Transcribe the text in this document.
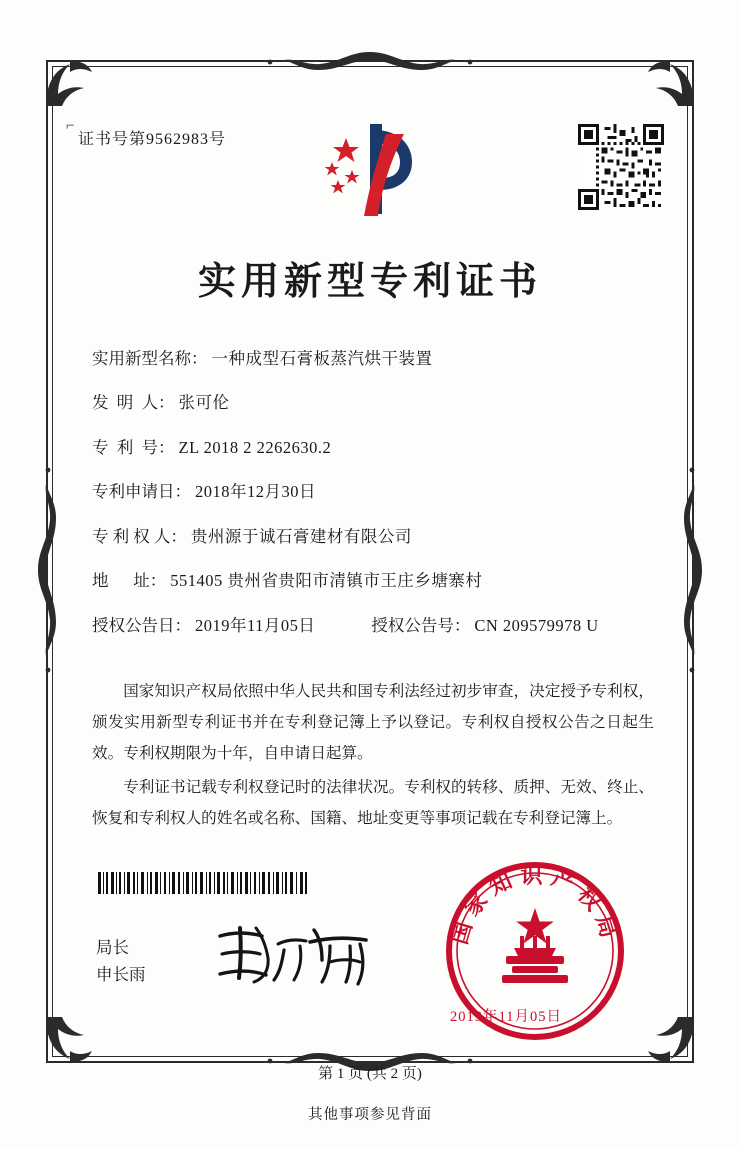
⌐
证书号第9562983号
实用新型专利证书
实用新型名称： 一种成型石膏板蒸汽烘干装置
发  明  人： 张可伦
专  利  号： ZL 2018 2 2262630.2
专利申请日： 2018年12月30日
专 利 权 人： 贵州源于诚石膏建材有限公司
地      址： 551405 贵州省贵阳市清镇市王庄乡塘寨村
授权公告日： 2019年11月05日	授权公告号： CN 209579978 U

国家知识产权局依照中华人民共和国专利法经过初步审查，决定授予专利权，颁发实用新型专利证书并在专利登记簿上予以登记。专利权自授权公告之日起生效。专利权期限为十年，自申请日起算。

专利证书记载专利权登记时的法律状况。专利权的转移、质押、无效、终止、恢复和专利权人的姓名或名称、国籍、地址变更等事项记载在专利登记簿上。

局长
申长雨
国家知识产权局
2019年11月05日
第 1 页 (共 2 页)
其他事项参见背面
